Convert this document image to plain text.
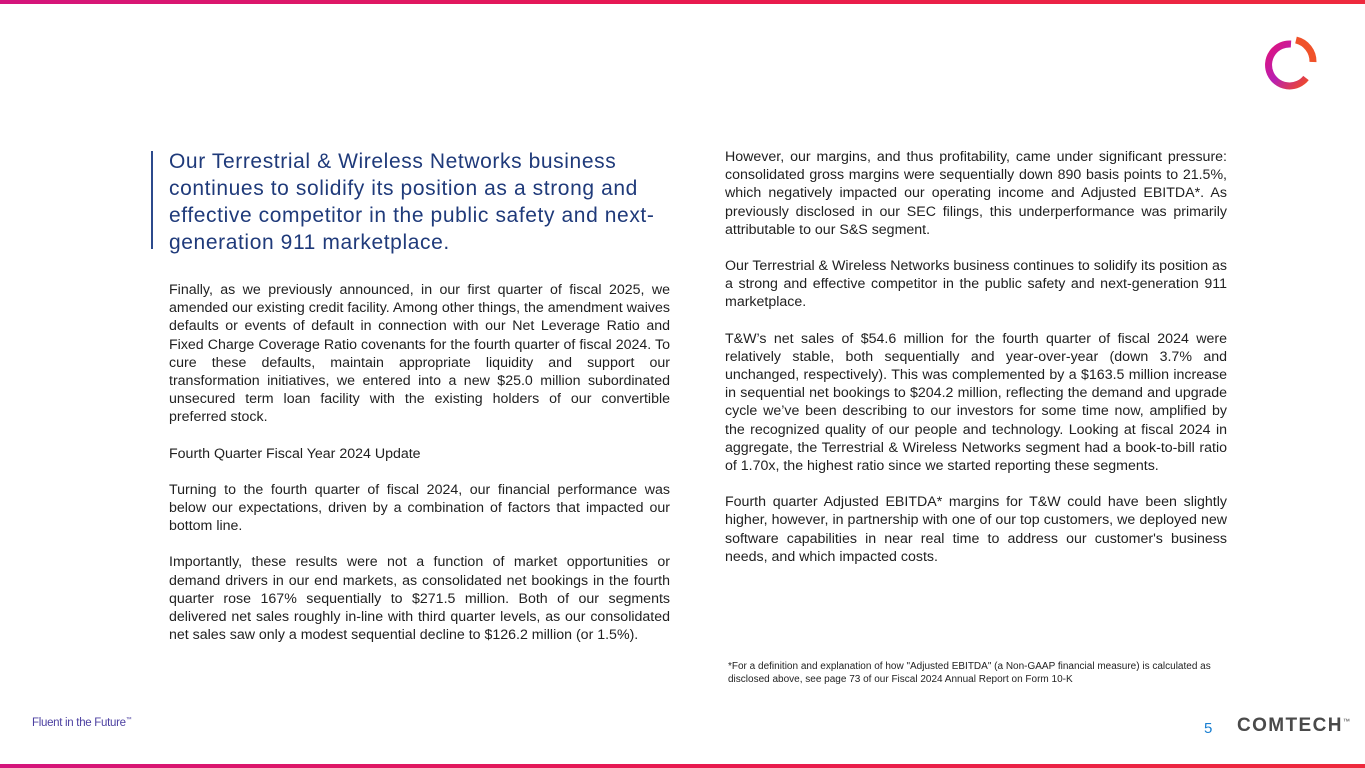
Our Terrestrial & Wireless Networks business continues to solidify its position as a strong and effective competitor in the public safety and next-generation 911 marketplace.

Finally, as we previously announced, in our first quarter of fiscal 2025, we amended our existing credit facility. Among other things, the amendment waives defaults or events of default in connection with our Net Leverage Ratio and Fixed Charge Coverage Ratio covenants for the fourth quarter of fiscal 2024. To cure these defaults, maintain appropriate liquidity and support our transformation initiatives, we entered into a new $25.0 million subordinated unsecured term loan facility with the existing holders of our convertible preferred stock.

Fourth Quarter Fiscal Year 2024 Update

Turning to the fourth quarter of fiscal 2024, our financial performance was below our expectations, driven by a combination of factors that impacted our bottom line.

Importantly, these results were not a function of market opportunities or demand drivers in our end markets, as consolidated net bookings in the fourth quarter rose 167% sequentially to $271.5 million. Both of our segments delivered net sales roughly in-line with third quarter levels, as our consolidated net sales saw only a modest sequential decline to $126.2 million (or 1.5%).

However, our margins, and thus profitability, came under significant pressure: consolidated gross margins were sequentially down 890 basis points to 21.5%, which negatively impacted our operating income and Adjusted EBITDA*. As previously disclosed in our SEC filings, this underperformance was primarily attributable to our S&S segment.

Our Terrestrial & Wireless Networks business continues to solidify its position as a strong and effective competitor in the public safety and next-generation 911 marketplace.

T&W’s net sales of $54.6 million for the fourth quarter of fiscal 2024 were relatively stable, both sequentially and year-over-year (down 3.7% and unchanged, respectively). This was complemented by a $163.5 million increase in sequential net bookings to $204.2 million, reflecting the demand and upgrade cycle we’ve been describing to our investors for some time now, amplified by the recognized quality of our people and technology. Looking at fiscal 2024 in aggregate, the Terrestrial & Wireless Networks segment had a book-to-bill ratio of 1.70x, the highest ratio since we started reporting these segments.

Fourth quarter Adjusted EBITDA* margins for T&W could have been slightly higher, however, in partnership with one of our top customers, we deployed new software capabilities in near real time to address our customer's business needs, and which impacted costs.

*For a definition and explanation of how "Adjusted EBITDA" (a Non-GAAP financial measure) is calculated as disclosed above, see page 73 of our Fiscal 2024 Annual Report on Form 10-K

Fluent in the Future™	5 COMTECH™
